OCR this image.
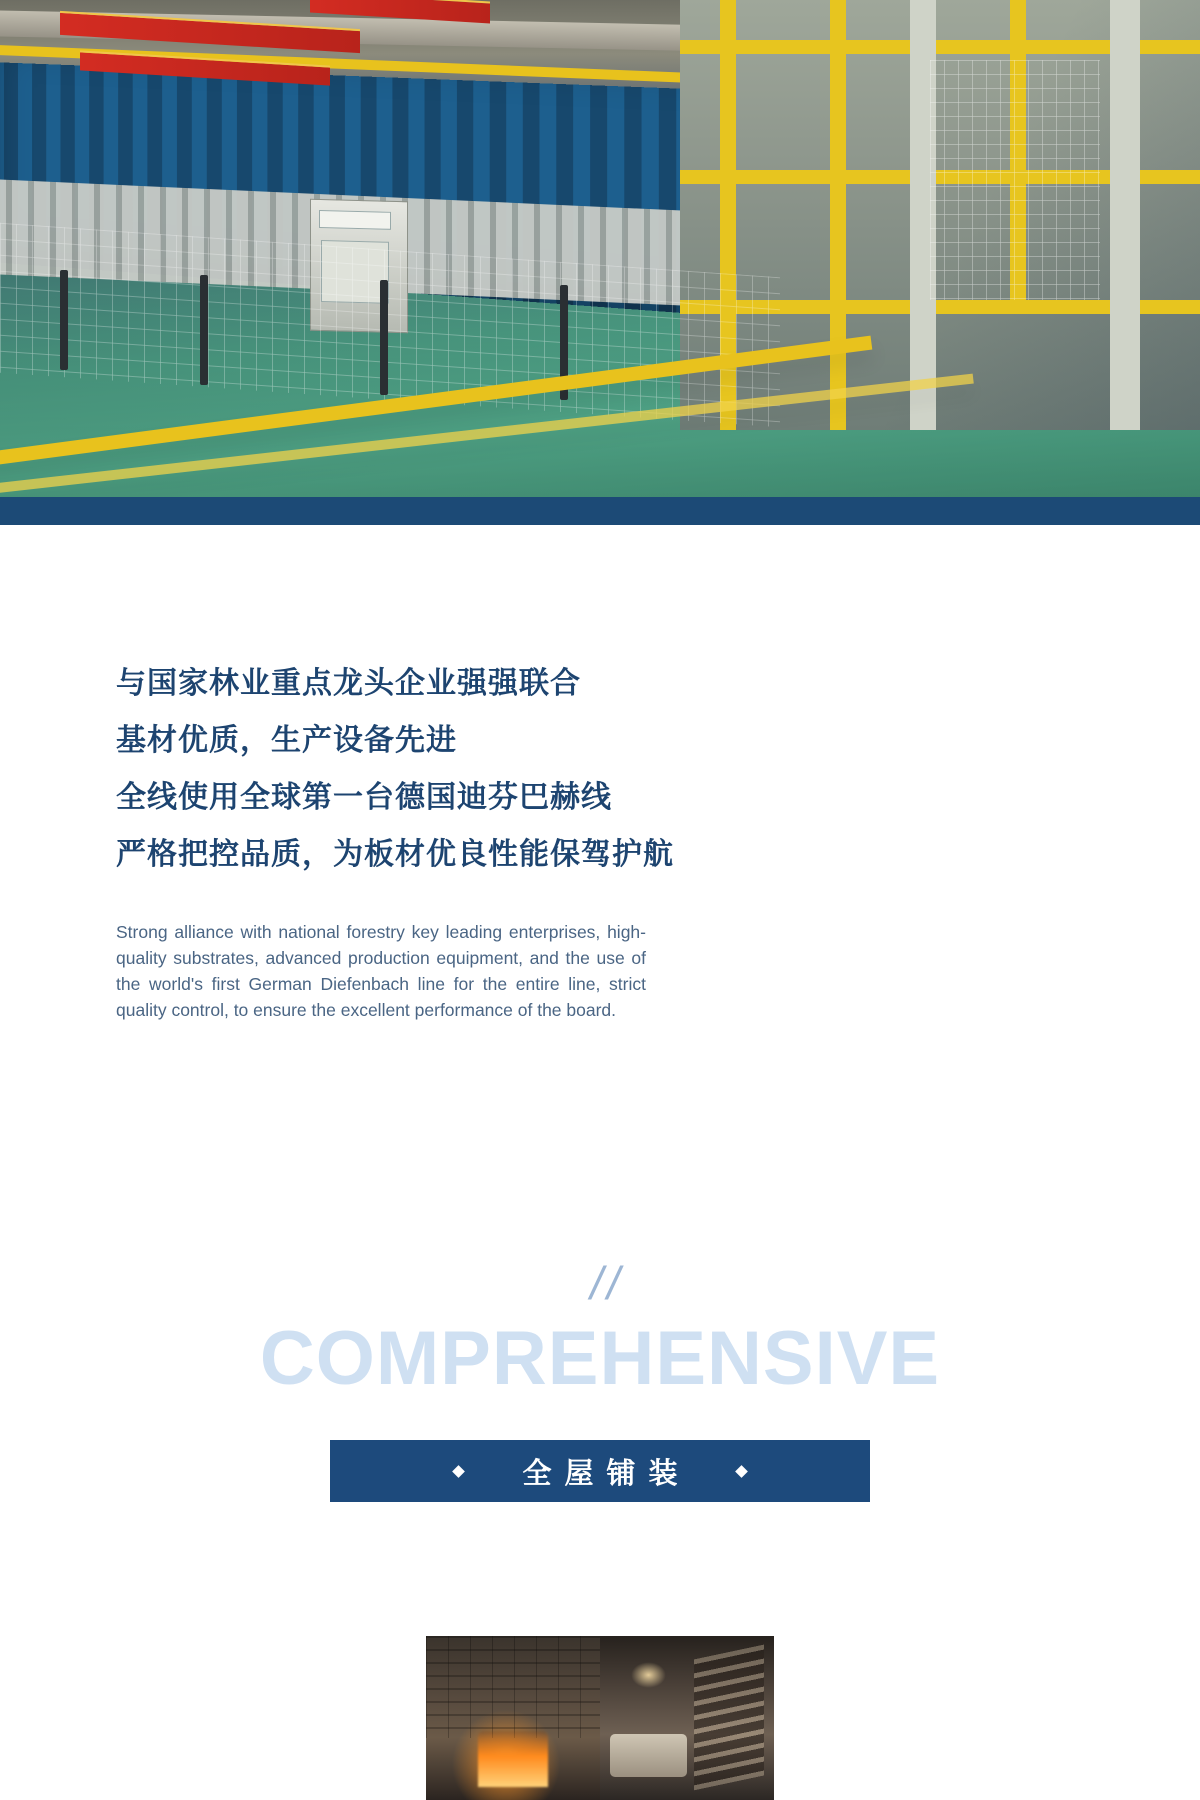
与国家林业重点龙头企业强强联合
基材优质，生产设备先进
全线使用全球第一台德国迪芬巴赫线
严格把控品质，为板材优良性能保驾护航

Strong alliance with national forestry key leading enterprises, high-quality substrates, advanced production equipment, and the use of the world's first German Diefenbach line for the entire line, strict quality control, to ensure the excellent performance of the board.

//
COMPREHENSIVE
全屋铺装
